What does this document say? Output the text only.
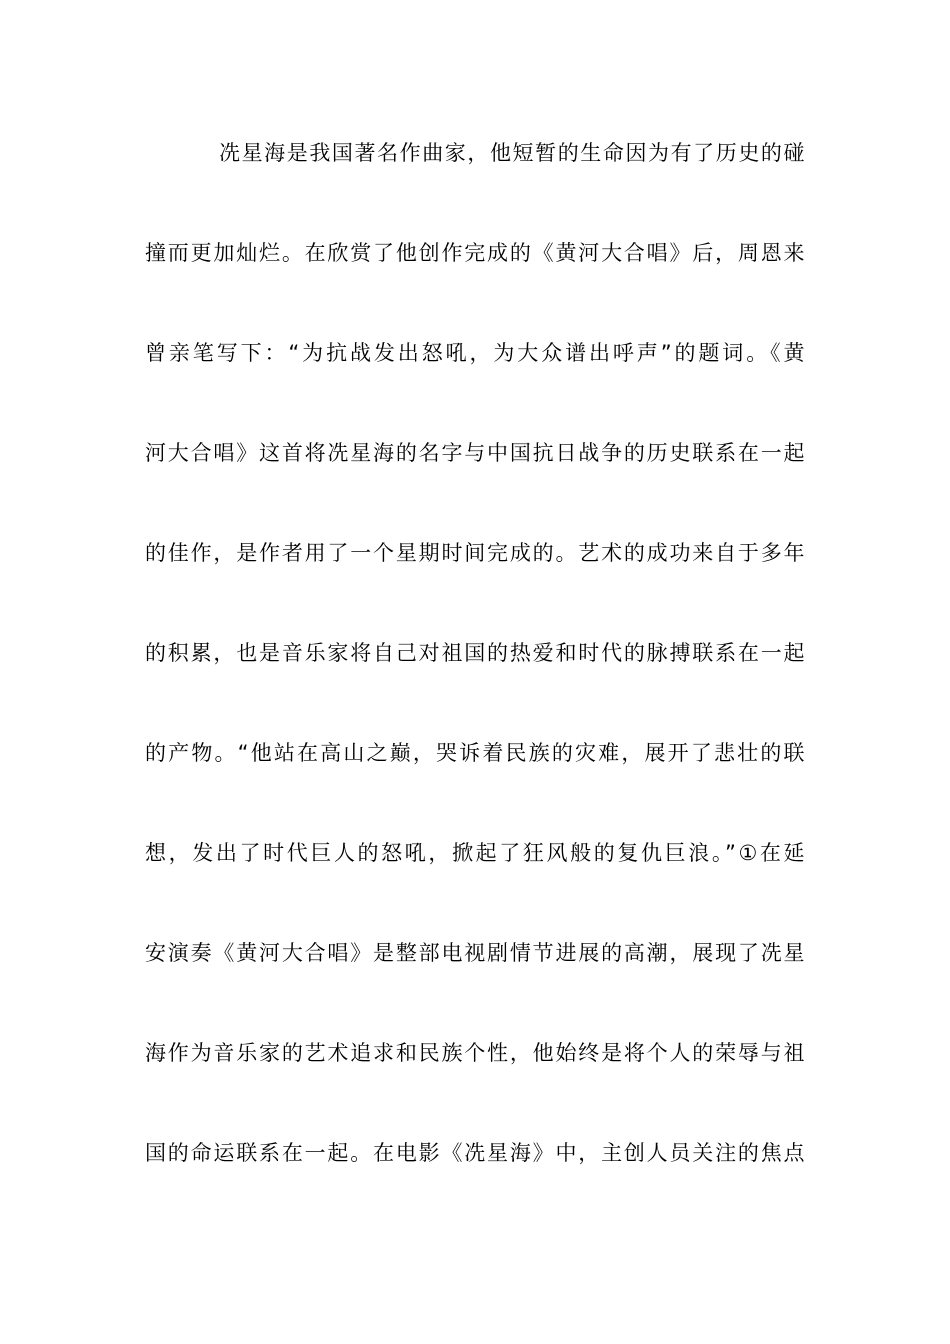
冼星海是我国著名作曲家，他短暂的生命因为有了历史的碰
撞而更加灿烂。在欣赏了他创作完成的《黄河大合唱》后，周恩来
曾亲笔写下：“为抗战发出怒吼，为大众谱出呼声”的题词。《黄
河大合唱》这首将冼星海的名字与中国抗日战争的历史联系在一起
的佳作，是作者用了一个星期时间完成的。艺术的成功来自于多年
的积累，也是音乐家将自己对祖国的热爱和时代的脉搏联系在一起
的产物。“他站在高山之巅，哭诉着民族的灾难，展开了悲壮的联
想，发出了时代巨人的怒吼，掀起了狂风般的复仇巨浪。”①在延
安演奏《黄河大合唱》是整部电视剧情节进展的高潮，展现了冼星
海作为音乐家的艺术追求和民族个性，他始终是将个人的荣辱与祖
国的命运联系在一起。在电影《冼星海》中，主创人员关注的焦点
